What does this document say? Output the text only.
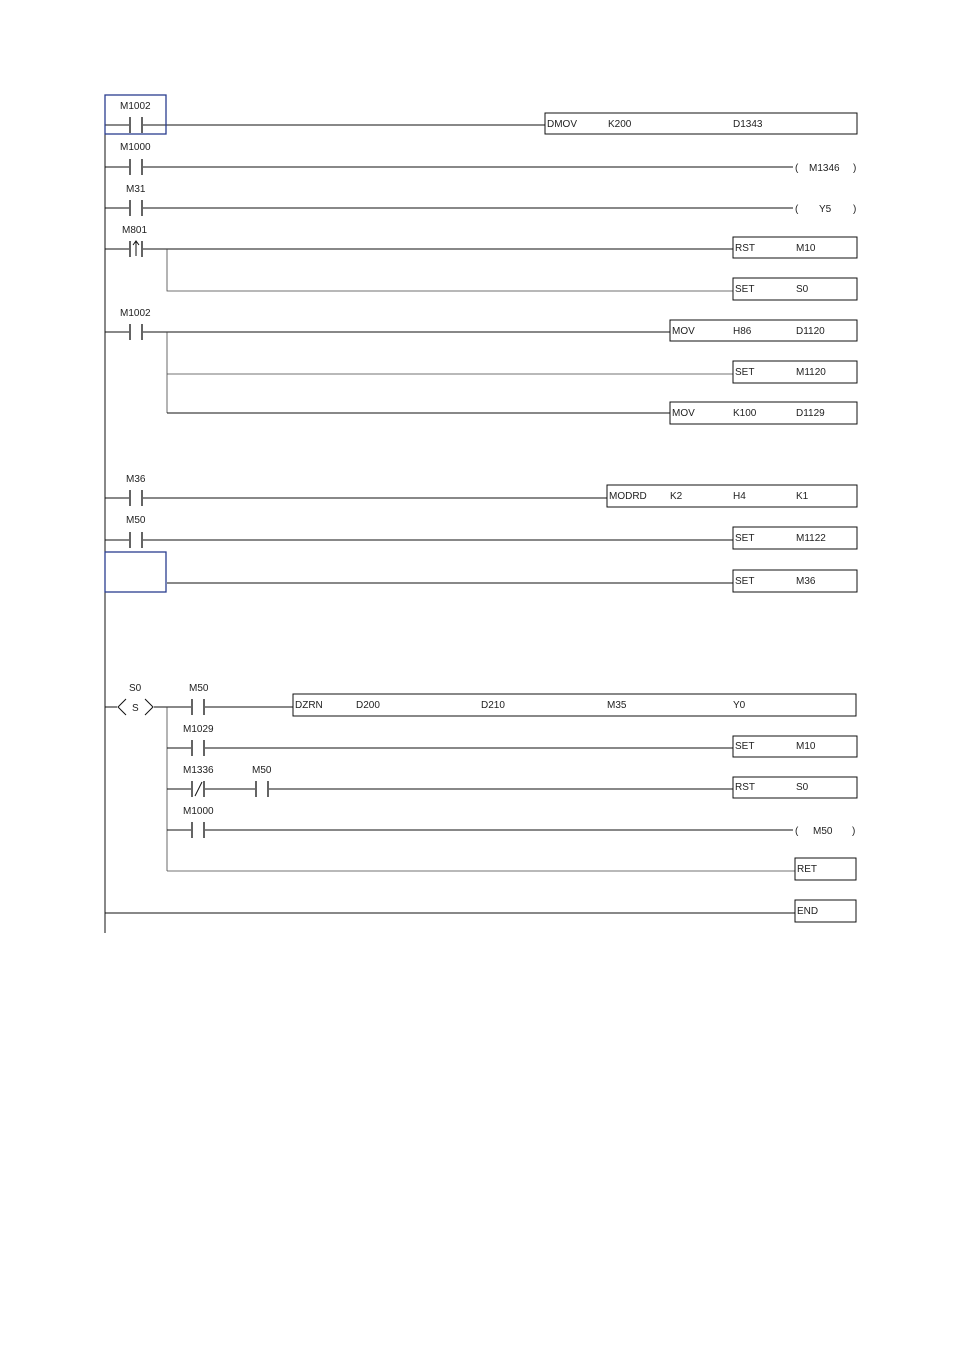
M1002
DMOV	K200	D1343
M1000
( M1346 )
M31
( Y5 )
M801
RST	M10
SET	S0
M1002
MOV	H86	D1120
SET	M1120
MOV	K100	D1129
M36
MODRD K2	H4	K1
M50
SET	M1122
SET	M36
S
S0	M50
DZRN	D200	D210	M35	Y0
M1029
SET	M10
M1336	M50
RST	S0
M1000
( M50 )
RET
END
